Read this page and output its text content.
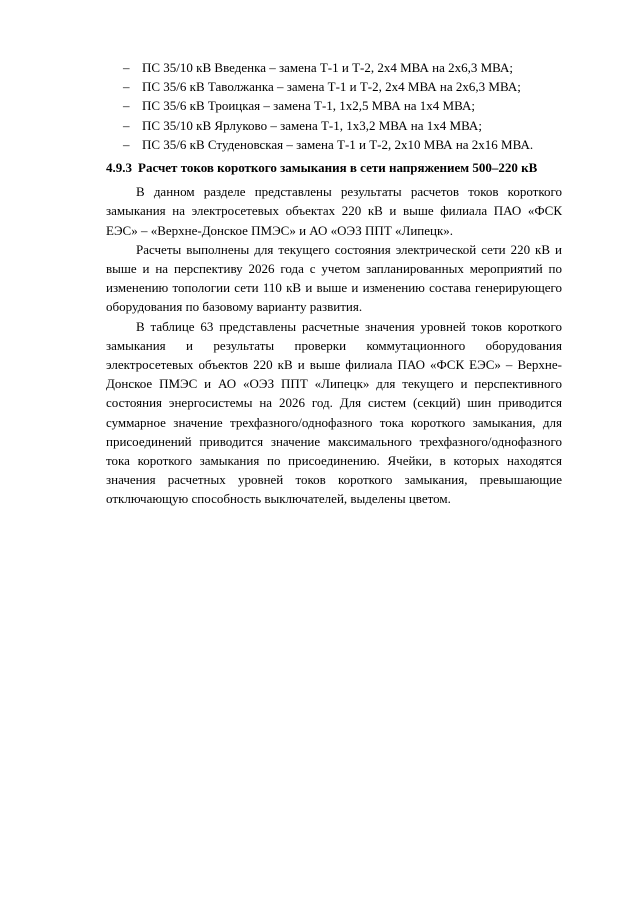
– ПС 35/10 кВ Введенка – замена Т-1 и Т-2, 2х4 МВА на 2х6,3 МВА;
– ПС 35/6 кВ Таволжанка – замена Т-1 и Т-2, 2х4 МВА на 2х6,3 МВА;
– ПС 35/6 кВ Троицкая – замена Т-1, 1х2,5 МВА на 1х4 МВА;
– ПС 35/10 кВ Ярлуково – замена Т-1, 1х3,2 МВА на 1х4 МВА;
– ПС 35/6 кВ Студеновская – замена Т-1 и Т-2, 2х10 МВА на 2х16 МВА.
4.9.3 Расчет токов короткого замыкания в сети напряжением 500–220 кВ

В данном разделе представлены результаты расчетов токов короткого замыкания на электросетевых объектах 220 кВ и выше филиала ПАО «ФСК ЕЭС» – «Верхне-Донское ПМЭС» и АО «ОЭЗ ППТ «Липецк».

Расчеты выполнены для текущего состояния электрической сети 220 кВ и выше и на перспективу 2026 года с учетом запланированных мероприятий по изменению топологии сети 110 кВ и выше и изменению состава генерирующего оборудования по базовому варианту развития.

В таблице 63 представлены расчетные значения уровней токов короткого замыкания и результаты проверки коммутационного оборудования электросетевых объектов 220 кВ и выше филиала ПАО «ФСК ЕЭС» – Верхне-Донское ПМЭС и АО «ОЭЗ ППТ «Липецк» для текущего и перспективного состояния энергосистемы на 2026 год. Для систем (секций) шин приводится суммарное значение трехфазного/однофазного тока короткого замыкания, для присоединений приводится значение максимального трехфазного/однофазного тока короткого замыкания по присоединению. Ячейки, в которых находятся значения расчетных уровней токов короткого замыкания, превышающие отключающую способность выключателей, выделены цветом.
